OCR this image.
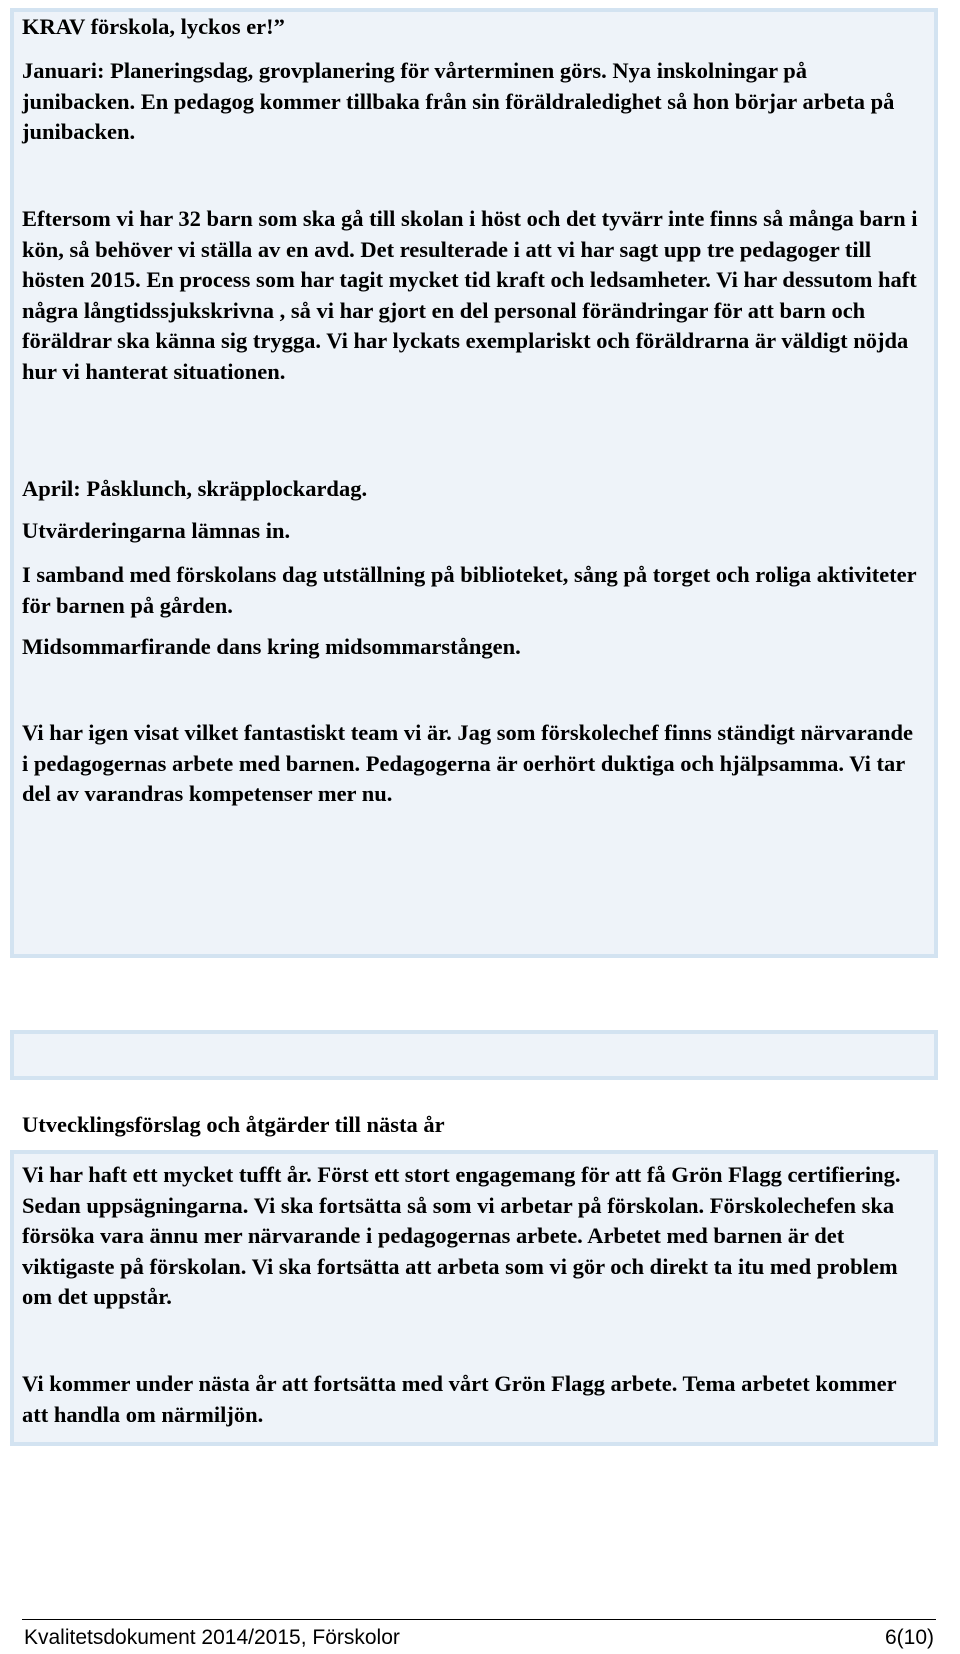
KRAV förskola, lyckos er!”

Januari: Planeringsdag, grovplanering för vårterminen görs. Nya inskolningar på junibacken. En pedagog kommer tillbaka från sin föräldraledighet så hon börjar arbeta på junibacken.

Eftersom vi har 32 barn som ska gå till skolan i höst och det tyvärr inte finns så många barn i kön, så behöver vi ställa av en avd. Det resulterade i att vi har sagt upp tre pedagoger till hösten 2015. En process som har tagit mycket tid kraft och ledsamheter. Vi har dessutom haft några långtidssjukskrivna , så vi har gjort en del personal förändringar för att barn och föräldrar ska känna sig trygga. Vi har lyckats exemplariskt och föräldrarna är väldigt nöjda hur vi hanterat situationen.

April: Påsklunch, skräpplockardag.

Utvärderingarna lämnas in.

I samband med förskolans dag utställning på biblioteket, sång på torget och roliga aktiviteter för barnen på gården.

Midsommarfirande dans kring midsommarstången.

Vi har igen visat vilket fantastiskt team vi är. Jag som förskolechef finns ständigt närvarande i pedagogernas arbete med barnen. Pedagogerna är oerhört duktiga och hjälpsamma. Vi tar del av varandras kompetenser mer nu.

Utvecklingsförslag och åtgärder till nästa år

Vi har haft ett mycket tufft år. Först ett stort engagemang för att få Grön Flagg certifiering. Sedan uppsägningarna. Vi ska fortsätta så som vi arbetar på förskolan. Förskolechefen ska försöka vara ännu mer närvarande i pedagogernas arbete. Arbetet med barnen är det viktigaste på förskolan. Vi ska fortsätta att arbeta som vi gör och direkt ta itu med problem om det uppstår.

Vi kommer under nästa år att fortsätta med vårt Grön Flagg arbete. Tema arbetet kommer att handla om närmiljön.

Kvalitetsdokument 2014/2015, Förskolor	6(10)
